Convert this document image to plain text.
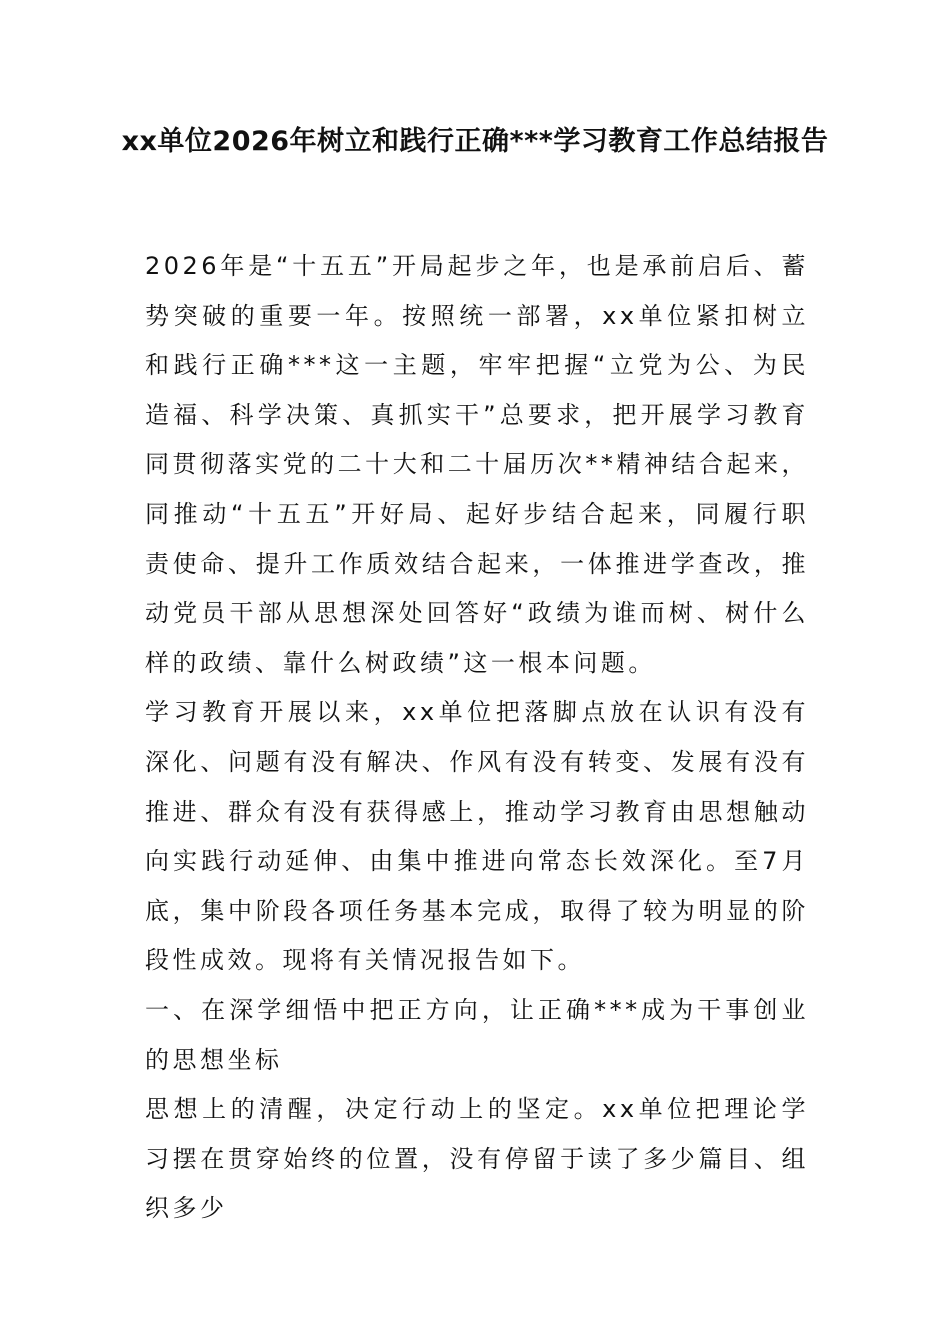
xx单位2026年树立和践行正确***学习教育工作总结报告

2026年是“十五五”开局起步之年，也是承前启后、蓄势突破的重要一年。按照统一部署，xx单位紧扣树立和践行正确***这一主题，牢牢把握“立党为公、为民造福、科学决策、真抓实干”总要求，把开展学习教育同贯彻落实党的二十大和二十届历次**精神结合起来，同推动“十五五”开好局、起好步结合起来，同履行职责使命、提升工作质效结合起来，一体推进学查改，推动党员干部从思想深处回答好“政绩为谁而树、树什么样的政绩、靠什么树政绩”这一根本问题。

学习教育开展以来，xx单位把落脚点放在认识有没有深化、问题有没有解决、作风有没有转变、发展有没有推进、群众有没有获得感上，推动学习教育由思想触动向实践行动延伸、由集中推进向常态长效深化。至7月底，集中阶段各项任务基本完成，取得了较为明显的阶段性成效。现将有关情况报告如下。

一、在深学细悟中把正方向，让正确***成为干事创业的思想坐标

思想上的清醒，决定行动上的坚定。xx单位把理论学习摆在贯穿始终的位置，没有停留于读了多少篇目、组织多少
